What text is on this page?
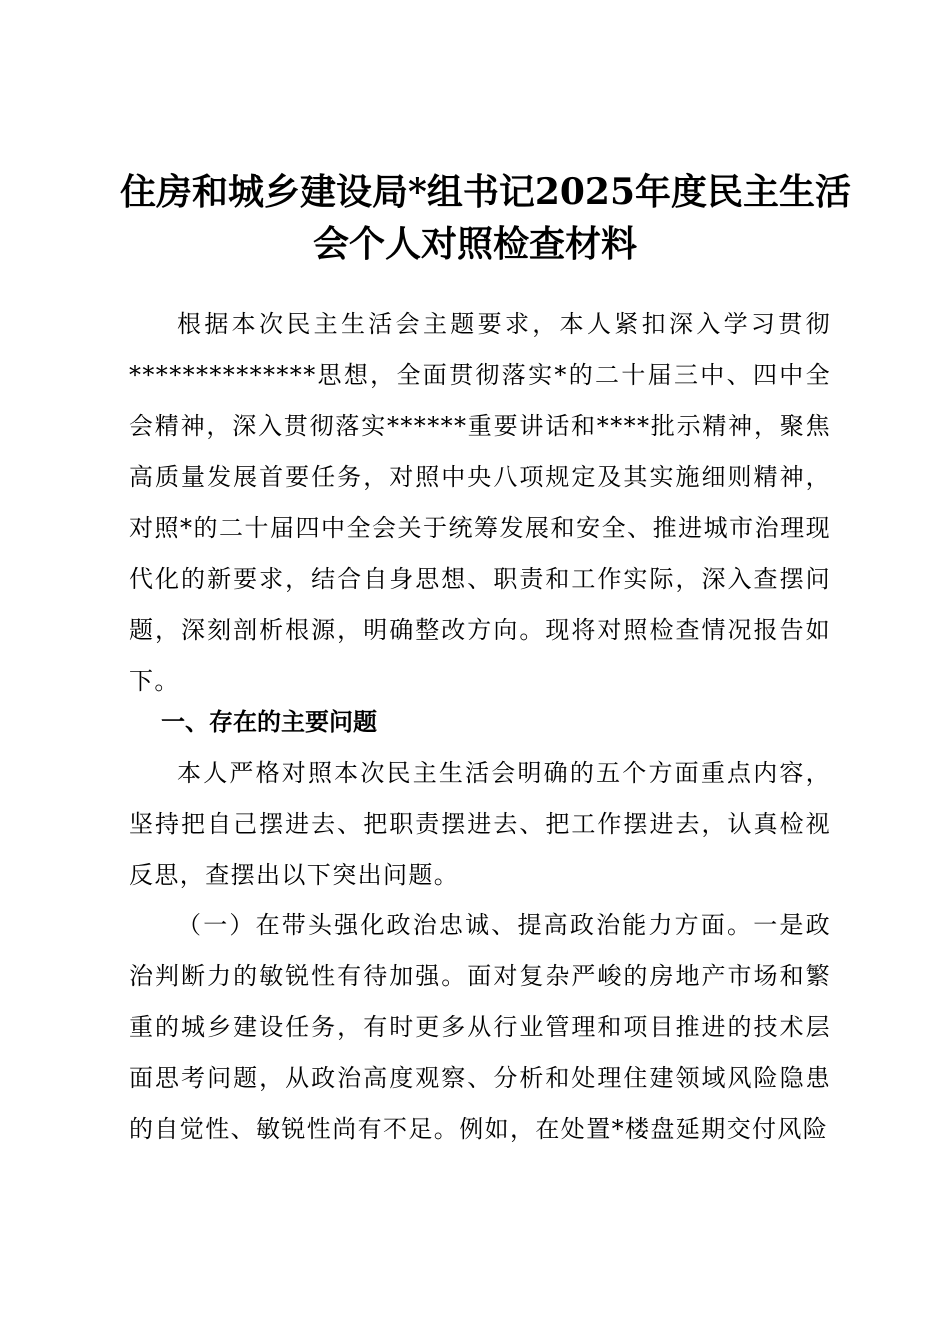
住房和城乡建设局*组书记2025年度民主生活
会个人对照检查材料

根据本次民主生活会主题要求，本人紧扣深入学习贯彻**************思想，全面贯彻落实*的二十届三中、四中全会精神，深入贯彻落实******重要讲话和****批示精神，聚焦高质量发展首要任务，对照中央八项规定及其实施细则精神，对照*的二十届四中全会关于统筹发展和安全、推进城市治理现代化的新要求，结合自身思想、职责和工作实际，深入查摆问题，深刻剖析根源，明确整改方向。现将对照检查情况报告如下。

一、存在的主要问题

本人严格对照本次民主生活会明确的五个方面重点内容，坚持把自己摆进去、把职责摆进去、把工作摆进去，认真检视反思，查摆出以下突出问题。

（一）在带头强化政治忠诚、提高政治能力方面。一是政治判断力的敏锐性有待加强。面对复杂严峻的房地产市场和繁重的城乡建设任务，有时更多从行业管理和项目推进的技术层面思考问题，从政治高度观察、分析和处理住建领域风险隐患的自觉性、敏锐性尚有不足。例如，在处置*楼盘延期交付风险
